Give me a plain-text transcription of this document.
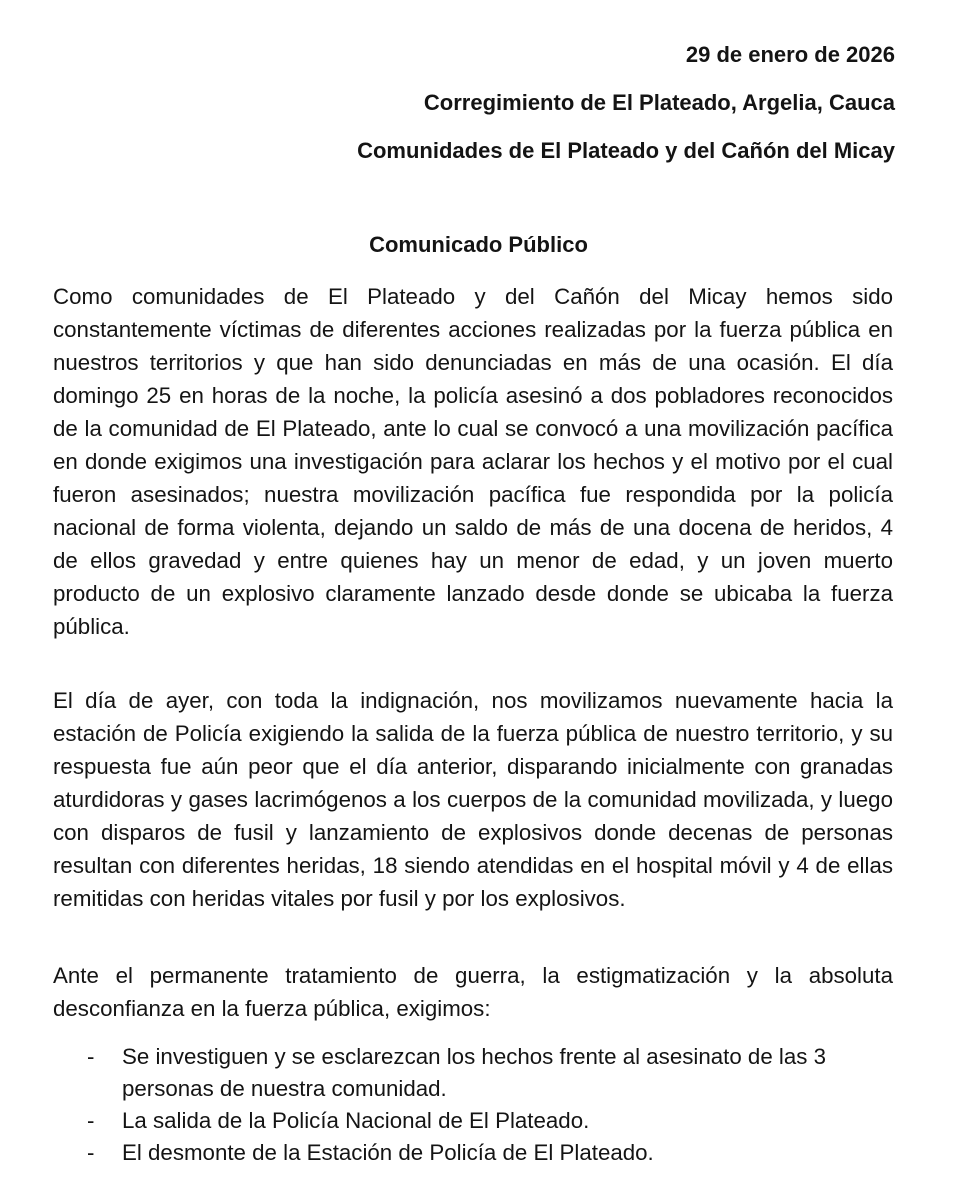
29 de enero de 2026
Corregimiento de El Plateado, Argelia, Cauca
Comunidades de El Plateado y del Cañón del Micay
Comunicado Público

Como comunidades de El Plateado y del Cañón del Micay hemos sido constantemente víctimas de diferentes acciones realizadas por la fuerza pública en nuestros territorios y que han sido denunciadas en más de una ocasión. El día domingo 25 en horas de la noche, la policía asesinó a dos pobladores reconocidos de la comunidad de El Plateado, ante lo cual se convocó a una movilización pacífica en donde exigimos una investigación para aclarar los hechos y el motivo por el cual fueron asesinados; nuestra movilización pacífica fue respondida por la policía nacional de forma violenta, dejando un saldo de más de una docena de heridos, 4 de ellos gravedad y entre quienes hay un menor de edad, y un joven muerto producto de un explosivo claramente lanzado desde donde se ubicaba la fuerza pública.

El día de ayer, con toda la indignación, nos movilizamos nuevamente hacia la estación de Policía exigiendo la salida de la fuerza pública de nuestro territorio, y su respuesta fue aún peor que el día anterior, disparando inicialmente con granadas aturdidoras y gases lacrimógenos a los cuerpos de la comunidad movilizada, y luego con disparos de fusil y lanzamiento de explosivos donde decenas de personas resultan con diferentes heridas, 18 siendo atendidas en el hospital móvil y 4 de ellas remitidas con heridas vitales por fusil y por los explosivos.

Ante el permanente tratamiento de guerra, la estigmatización y la absoluta desconfianza en la fuerza pública, exigimos:

- Se investiguen y se esclarezcan los hechos frente al asesinato de las 3 personas de nuestra comunidad.
- La salida de la Policía Nacional de El Plateado.
- El desmonte de la Estación de Policía de El Plateado.
